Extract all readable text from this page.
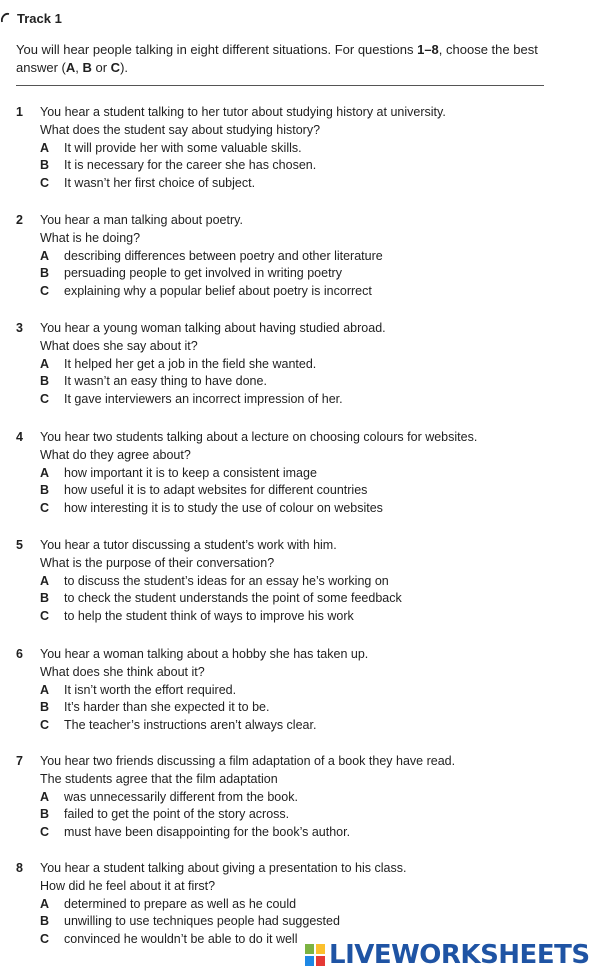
Track 1
You will hear people talking in eight different situations. For questions 1–8, choose the best answer (A, B or C).
1 You hear a student talking to her tutor about studying history at university.
What does the student say about studying history?
A It will provide her with some valuable skills.
B It is necessary for the career she has chosen.
C It wasn’t her first choice of subject.
2 You hear a man talking about poetry.
What is he doing?
A describing differences between poetry and other literature
B persuading people to get involved in writing poetry
C explaining why a popular belief about poetry is incorrect
3 You hear a young woman talking about having studied abroad.
What does she say about it?
A It helped her get a job in the field she wanted.
B It wasn’t an easy thing to have done.
C It gave interviewers an incorrect impression of her.
4 You hear two students talking about a lecture on choosing colours for websites.
What do they agree about?
A how important it is to keep a consistent image
B how useful it is to adapt websites for different countries
C how interesting it is to study the use of colour on websites
5 You hear a tutor discussing a student’s work with him.
What is the purpose of their conversation?
A to discuss the student’s ideas for an essay he’s working on
B to check the student understands the point of some feedback
C to help the student think of ways to improve his work
6 You hear a woman talking about a hobby she has taken up.
What does she think about it?
A It isn’t worth the effort required.
B It’s harder than she expected it to be.
C The teacher’s instructions aren’t always clear.
7 You hear two friends discussing a film adaptation of a book they have read.
The students agree that the film adaptation
A was unnecessarily different from the book.
B failed to get the point of the story across.
C must have been disappointing for the book’s author.
8 You hear a student talking about giving a presentation to his class.
How did he feel about it at first?
A determined to prepare as well as he could
B unwilling to use techniques people had suggested
C convinced he wouldn’t be able to do it well
LIVEWORKSHEETS
